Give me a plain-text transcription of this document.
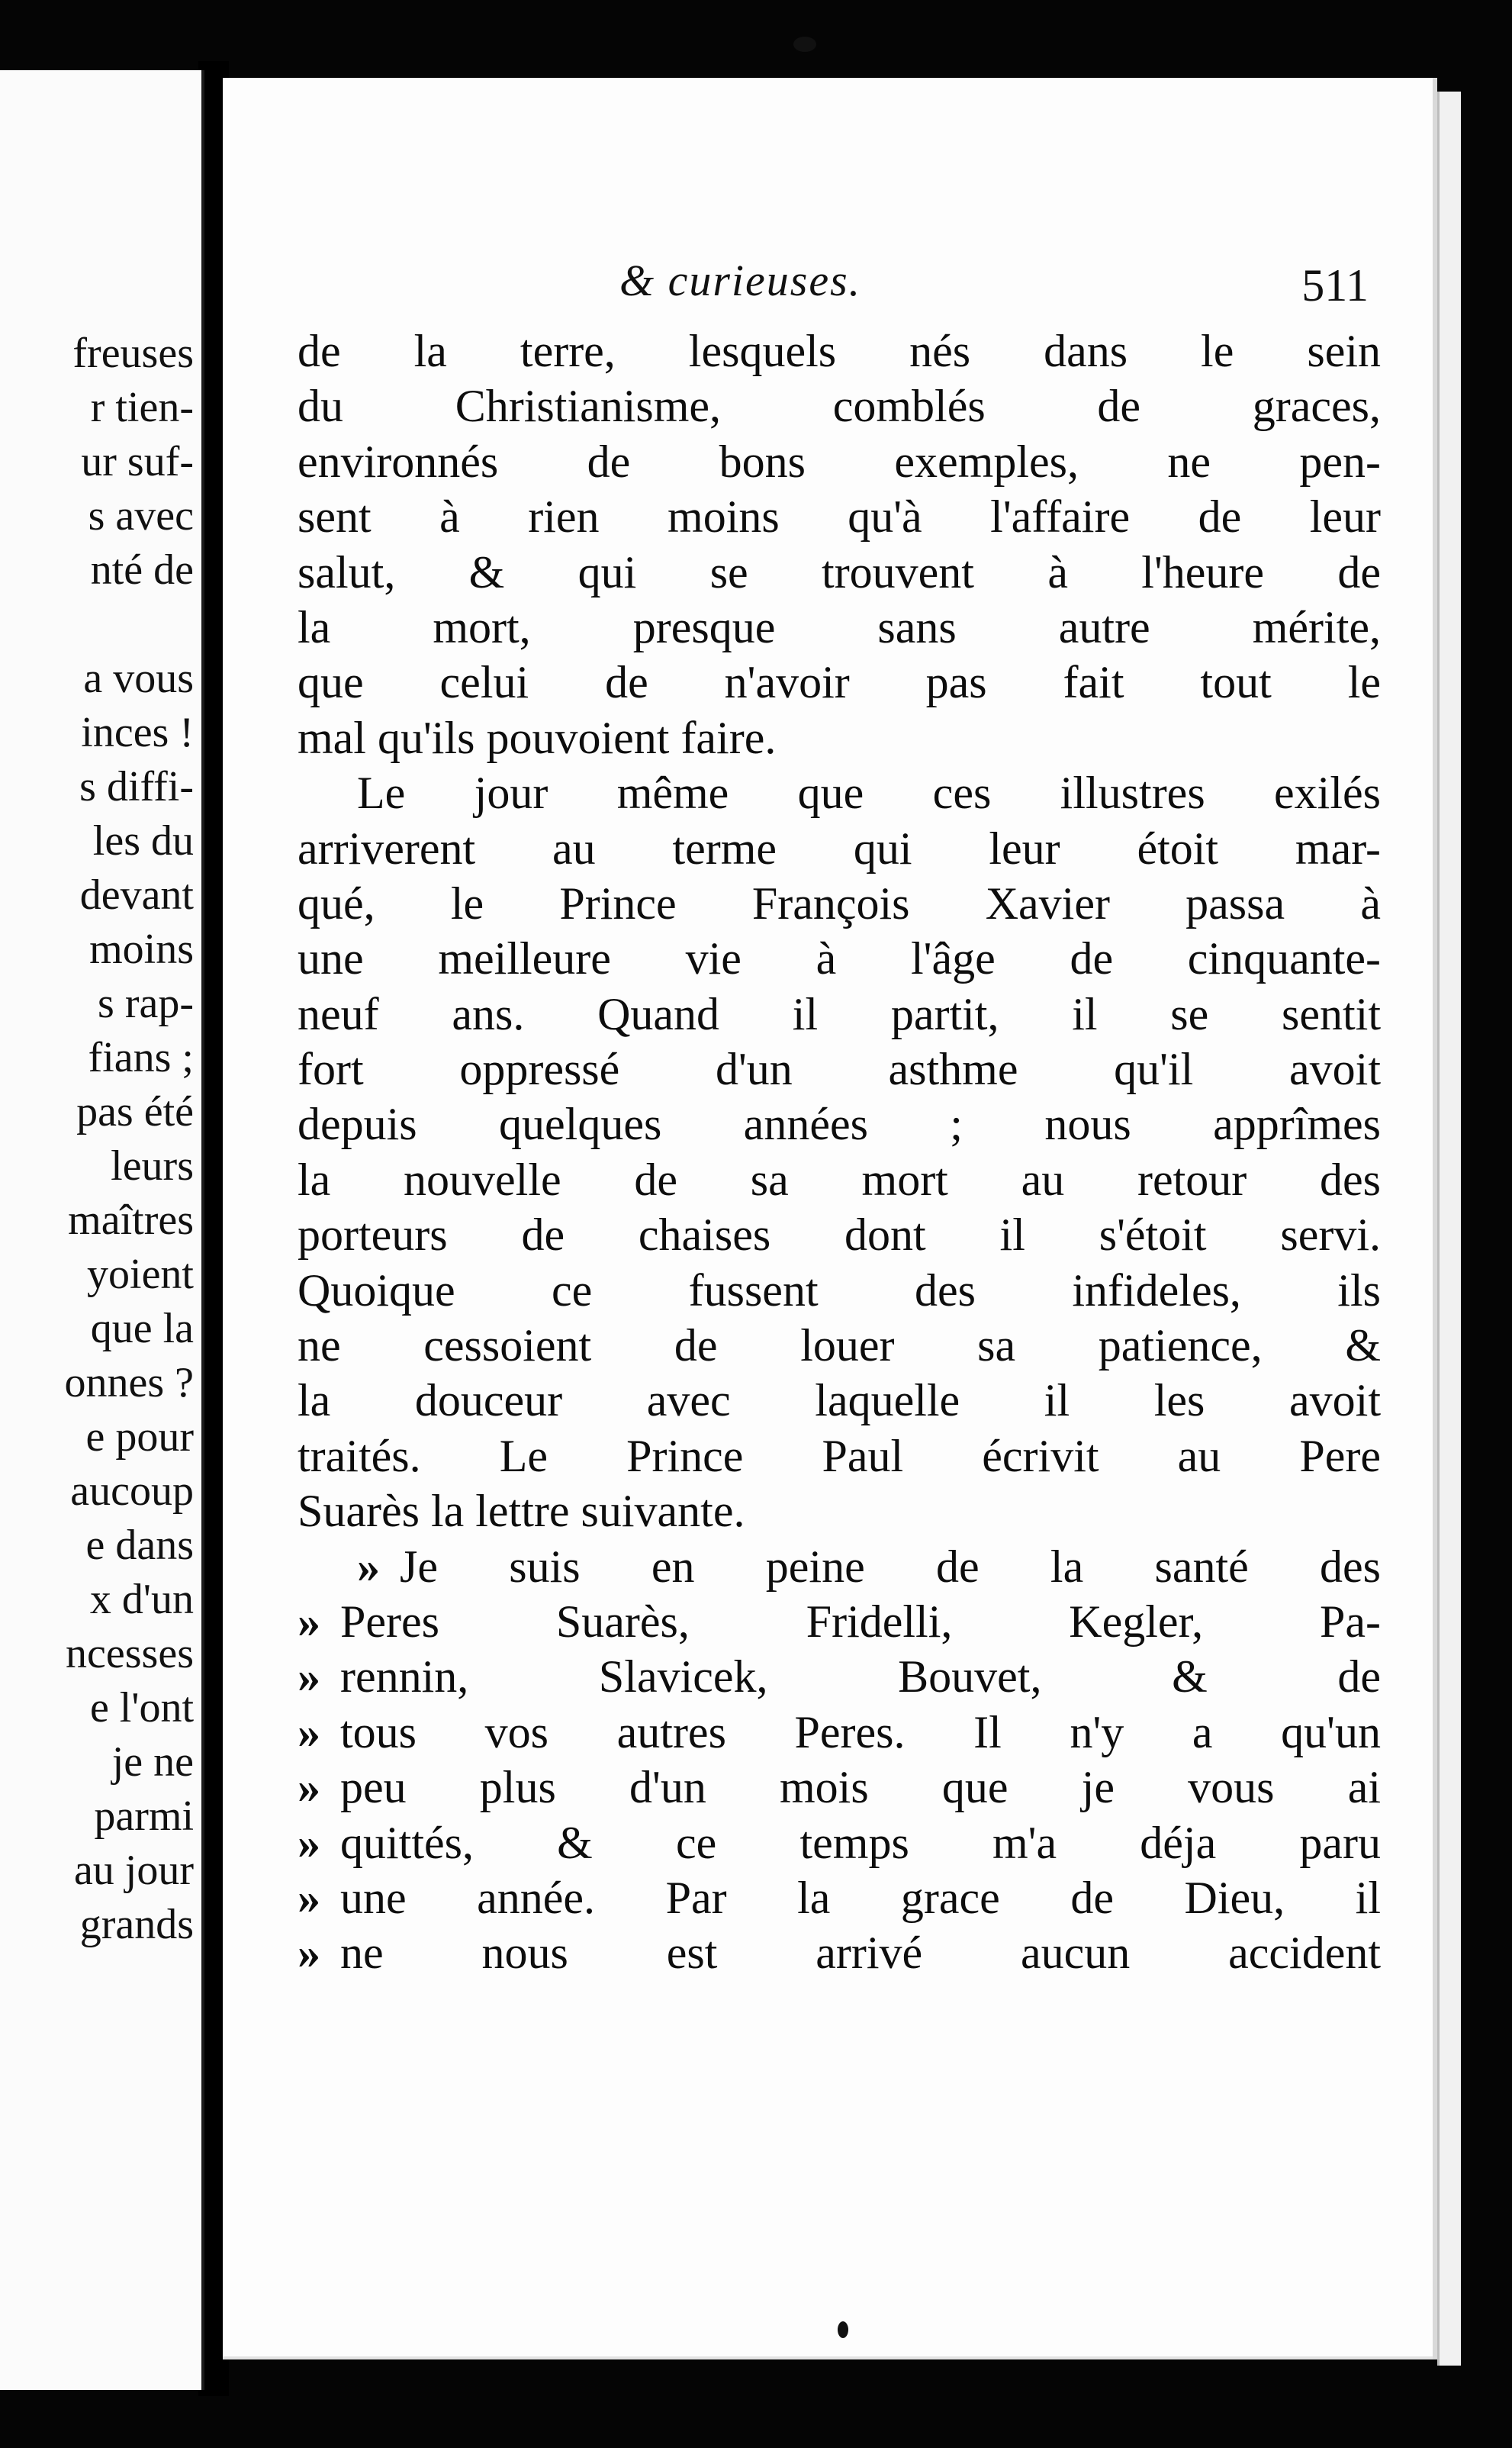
freuses
r tien-
ur suf-
s avec
nté de
a vous
inces !
s diffi-
les du
devant
moins
s rap-
fians ;
pas été
leurs
maîtres
yoient
que la
onnes ?
e pour
aucoup
e dans
x d'un
ncesses
e l'ont
je ne
parmi
au jour
grands
& curieuses.	511
de la terre, lesquels nés dans le sein
du Christianisme, comblés de graces,
environnés de bons exemples, ne pen-
sent à rien moins qu'à l'affaire de leur
salut, & qui se trouvent à l'heure de
la mort, presque sans autre mérite,
que celui de n'avoir pas fait tout le
mal qu'ils pouvoient faire.
Le jour même que ces illustres exilés
arriverent au terme qui leur étoit mar-
qué, le Prince François Xavier passa à
une meilleure vie à l'âge de cinquante-
neuf ans. Quand il partit, il se sentit
fort oppressé d'un asthme qu'il avoit
depuis quelques années ; nous apprîmes
la nouvelle de sa mort au retour des
porteurs de chaises dont il s'étoit servi.
Quoique ce fussent des infideles, ils
ne cessoient de louer sa patience, &
la douceur avec laquelle il les avoit
traités. Le Prince Paul écrivit au Pere
Suarès la lettre suivante.
» Je suis en peine de la santé des
» Peres Suarès, Fridelli, Kegler, Pa-
» rennin, Slavicek, Bouvet, & de
» tous vos autres Peres. Il n'y a qu'un
» peu plus d'un mois que je vous ai
» quittés, & ce temps m'a déja paru
» une année. Par la grace de Dieu, il
» ne nous est arrivé aucun accident
